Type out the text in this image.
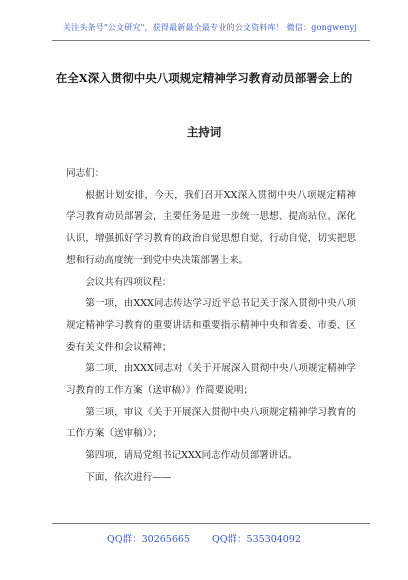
关注头条号"公文研究"，获得最新最全最专业的公文资料库！ 微信：gongwenyj
在全X深入贯彻中央八项规定精神学习教育动员部署会上的
主持词

同志们：

根据计划安排，今天，我们召开XX深入贯彻中央八项规定精神学习教育动员部署会，主要任务是进一步统一思想、提高站位、深化认识，增强抓好学习教育的政治自觉思想自觉、行动自觉，切实把思想和行动高度统一到党中央决策部署上来。

会议共有四项议程：

第一项，由XXX同志传达学习近平总书记关于深入贯彻中央八项规定精神学习教育的重要讲话和重要指示精神中央和省委、市委、区委有关文件和会议精神；

第二项，由XXX同志对《关于开展深入贯彻中央八项规定精神学习教育的工作方案（送审稿）》作简要说明；

第三项，审议《关于开展深入贯彻中央八项规定精神学习教育的工作方案（送审稿）》；

第四项，请局党组书记XXX同志作动员部署讲话。

下面，依次进行——

QQ群：30265665 QQ群：535304092
